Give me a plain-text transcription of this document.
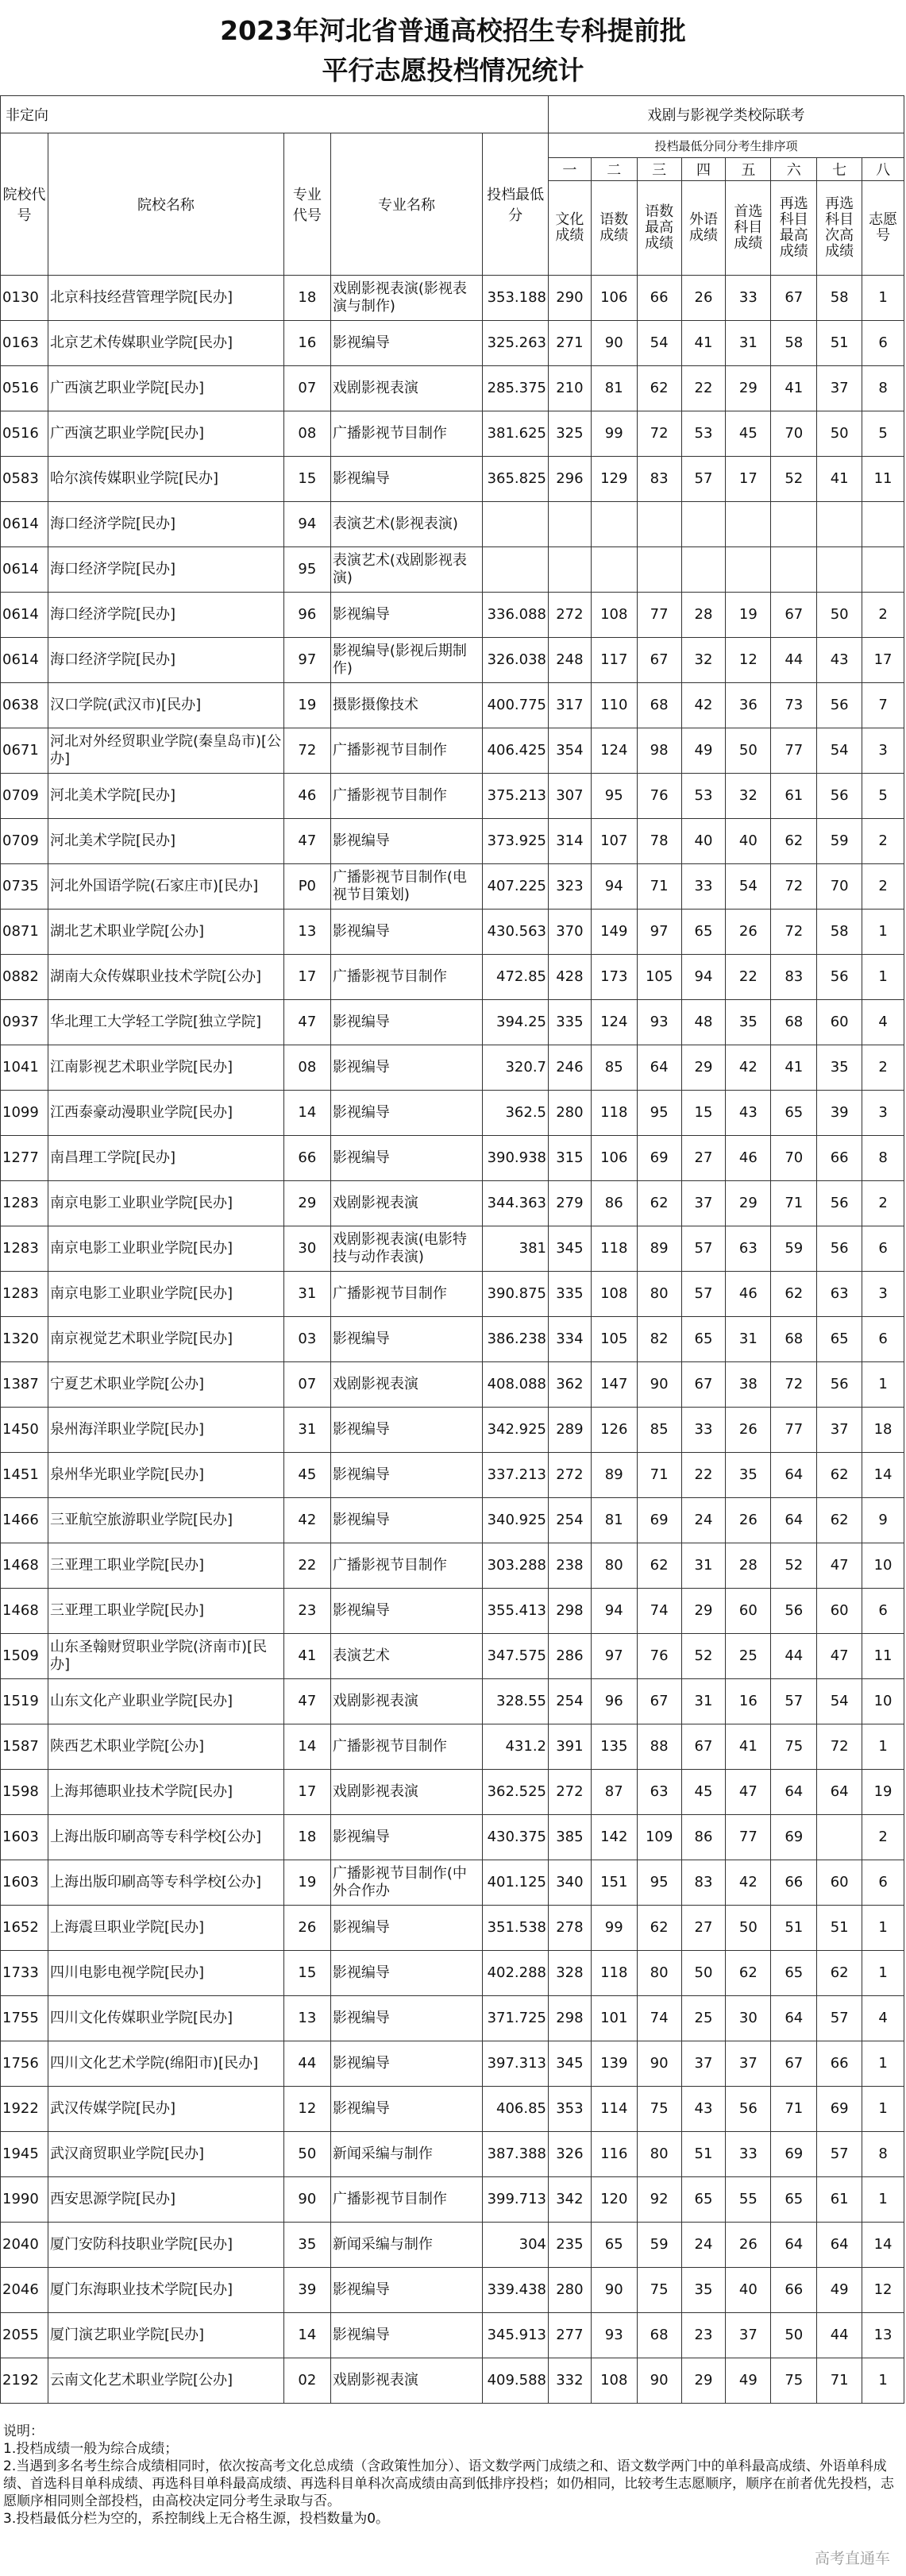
2023年河北省普通高校招生专科提前批
平行志愿投档情况统计
非定向					戏剧与影视学类校际联考							
院校代号	院校名称	专业代号	专业名称	投档最低分	投档最低分同分考生排序项							
					一	二	三	四	五	六	七	八
					文化成绩	语数成绩	语数最高成绩	外语成绩	首选科目成绩	再选科目最高成绩	再选科目次高成绩	志愿号
0130	北京科技经营管理学院[民办]	18	戏剧影视表演(影视表演与制作)	353.188	290	106	66	26	33	67	58	1
0163	北京艺术传媒职业学院[民办]	16	影视编导	325.263	271	90	54	41	31	58	51	6
0516	广西演艺职业学院[民办]	07	戏剧影视表演	285.375	210	81	62	22	29	41	37	8
0516	广西演艺职业学院[民办]	08	广播影视节目制作	381.625	325	99	72	53	45	70	50	5
0583	哈尔滨传媒职业学院[民办]	15	影视编导	365.825	296	129	83	57	17	52	41	11
0614	海口经济学院[民办]	94	表演艺术(影视表演)									
0614	海口经济学院[民办]	95	表演艺术(戏剧影视表演)									
0614	海口经济学院[民办]	96	影视编导	336.088	272	108	77	28	19	67	50	2
0614	海口经济学院[民办]	97	影视编导(影视后期制作)	326.038	248	117	67	32	12	44	43	17
0638	汉口学院(武汉市)[民办]	19	摄影摄像技术	400.775	317	110	68	42	36	73	56	7
0671	河北对外经贸职业学院(秦皇岛市)[公办]	72	广播影视节目制作	406.425	354	124	98	49	50	77	54	3
0709	河北美术学院[民办]	46	广播影视节目制作	375.213	307	95	76	53	32	61	56	5
0709	河北美术学院[民办]	47	影视编导	373.925	314	107	78	40	40	62	59	2
0735	河北外国语学院(石家庄市)[民办]	P0	广播影视节目制作(电视节目策划)	407.225	323	94	71	33	54	72	70	2
0871	湖北艺术职业学院[公办]	13	影视编导	430.563	370	149	97	65	26	72	58	1
0882	湖南大众传媒职业技术学院[公办]	17	广播影视节目制作	472.85	428	173	105	94	22	83	56	1
0937	华北理工大学轻工学院[独立学院]	47	影视编导	394.25	335	124	93	48	35	68	60	4
1041	江南影视艺术职业学院[民办]	08	影视编导	320.7	246	85	64	29	42	41	35	2
1099	江西泰豪动漫职业学院[民办]	14	影视编导	362.5	280	118	95	15	43	65	39	3
1277	南昌理工学院[民办]	66	影视编导	390.938	315	106	69	27	46	70	66	8
1283	南京电影工业职业学院[民办]	29	戏剧影视表演	344.363	279	86	62	37	29	71	56	2
1283	南京电影工业职业学院[民办]	30	戏剧影视表演(电影特技与动作表演)	381	345	118	89	57	63	59	56	6
1283	南京电影工业职业学院[民办]	31	广播影视节目制作	390.875	335	108	80	57	46	62	63	3
1320	南京视觉艺术职业学院[民办]	03	影视编导	386.238	334	105	82	65	31	68	65	6
1387	宁夏艺术职业学院[公办]	07	戏剧影视表演	408.088	362	147	90	67	38	72	56	1
1450	泉州海洋职业学院[民办]	31	影视编导	342.925	289	126	85	33	26	77	37	18
1451	泉州华光职业学院[民办]	45	影视编导	337.213	272	89	71	22	35	64	62	14
1466	三亚航空旅游职业学院[民办]	42	影视编导	340.925	254	81	69	24	26	64	62	9
1468	三亚理工职业学院[民办]	22	广播影视节目制作	303.288	238	80	62	31	28	52	47	10
1468	三亚理工职业学院[民办]	23	影视编导	355.413	298	94	74	29	60	56	60	6
1509	山东圣翰财贸职业学院(济南市)[民办]	41	表演艺术	347.575	286	97	76	52	25	44	47	11
1519	山东文化产业职业学院[民办]	47	戏剧影视表演	328.55	254	96	67	31	16	57	54	10
1587	陕西艺术职业学院[公办]	14	广播影视节目制作	431.2	391	135	88	67	41	75	72	1
1598	上海邦德职业技术学院[民办]	17	戏剧影视表演	362.525	272	87	63	45	47	64	64	19
1603	上海出版印刷高等专科学校[公办]	18	影视编导	430.375	385	142	109	86	77	69		2
1603	上海出版印刷高等专科学校[公办]	19	广播影视节目制作(中外合作办	401.125	340	151	95	83	42	66	60	6
1652	上海震旦职业学院[民办]	26	影视编导	351.538	278	99	62	27	50	51	51	1
1733	四川电影电视学院[民办]	15	影视编导	402.288	328	118	80	50	62	65	62	1
1755	四川文化传媒职业学院[民办]	13	影视编导	371.725	298	101	74	25	30	64	57	4
1756	四川文化艺术学院(绵阳市)[民办]	44	影视编导	397.313	345	139	90	37	37	67	66	1
1922	武汉传媒学院[民办]	12	影视编导	406.85	353	114	75	43	56	71	69	1
1945	武汉商贸职业学院[民办]	50	新闻采编与制作	387.388	326	116	80	51	33	69	57	8
1990	西安思源学院[民办]	90	广播影视节目制作	399.713	342	120	92	65	55	65	61	1
2040	厦门安防科技职业学院[民办]	35	新闻采编与制作	304	235	65	59	24	26	64	64	14
2046	厦门东海职业技术学院[民办]	39	影视编导	339.438	280	90	75	35	40	66	49	12
2055	厦门演艺职业学院[民办]	14	影视编导	345.913	277	93	68	23	37	50	44	13
2192	云南文化艺术职业学院[公办]	02	戏剧影视表演	409.588	332	108	90	29	49	75	71	1
说明：
1.投档成绩一般为综合成绩；
2.当遇到多名考生综合成绩相同时，依次按高考文化总成绩（含政策性加分）、语文数学两门成绩之和、语文数学两门中的单科最高成绩、外语单科成绩、首选科目单科成绩、再选科目单科最高成绩、再选科目单科次高成绩由高到低排序投档；如仍相同，比较考生志愿顺序，顺序在前者优先投档，志愿顺序相同则全部投档，由高校决定同分考生录取与否。
3.投档最低分栏为空的，系控制线上无合格生源，投档数量为0。
高考直通车
